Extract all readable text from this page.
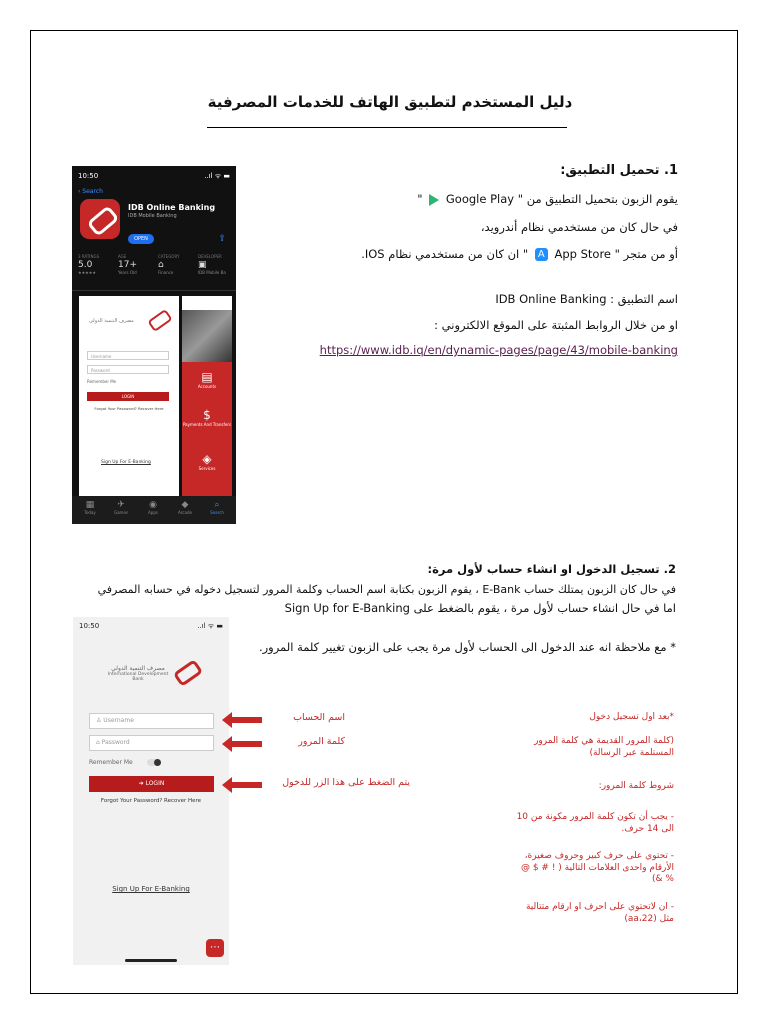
دليل المستخدم لتطبيق الهاتف للخدمات المصرفية
1. تحميل التطبيق:
يقوم الزبون بتحميل التطبيق من " Google Play  "
في حال كان من مستخدمي نظام أندرويد،
أو من متجر " App Store A " ان كان من مستخدمي نظام IOS.
اسم التطبيق : IDB Online Banking
او من خلال الروابط المثبتة على الموقع الالكتروني :
https://www.idb.iq/en/dynamic-pages/page/43/mobile-banking
10:50	..ıl ᯤ ▬
‹ Search
IDB Online Banking
IDB Mobile Banking
OPEN	⇪
3 RATINGS
5.0
★★★★★
AGE
17+
Years Old
CATEGORY
⌂
Finance
DEVELOPER
▣
IDB Mobile Ba
مصرف التنمية الدولي
Username
Password
Remember Me
LOGIN
Forgot Your Password? Recover Here
Sign Up For E-Banking
▤
Accounts
$
Payments And Transfers
◈
Services
▦
Today
✈
Games
◉
Apps
◆
Arcade
⌕
Search
2. تسجيل الدخول او انشاء حساب لأول مرة:
في حال كان الزبون يمتلك حساب E-Bank ، يقوم الزبون بكتابة اسم الحساب وكلمة المرور لتسجيل دخوله في حسابه المصرفي
اما في حال انشاء حساب لأول مرة ، يقوم بالضغط على Sign Up for E-Banking
* مع ملاحظة انه عند الدخول الى الحساب لأول مرة يجب على الزبون تغيير كلمة المرور.
10:50	..ıl ᯤ ▬
مصرف التنمية الدولي
International Development Bank
♙ Username
⌂ Password
Remember Me
➜ LOGIN
Forgot Your Password? Recover Here
Sign Up For E-Banking
⋯
اسم الحساب
كلمة المرور
يتم الضغط على هذا الزر للدخول
*بعد اول تسجيل دخول
(كلمة المرور القديمة هي كلمة المرور المستلمة عبر الرسالة)
شروط كلمة المرور:
- يجب أن تكون كلمة المرور مكونة من 10 الى 14 حرف.
- تحتوي على حرف كبير وحروف صغيرة، الأرقام واحدى العلامات التالية ( ! # $ @ % &)
- ان لاتحتوي على احرف او ارقام متتالية مثل (aa،22)
